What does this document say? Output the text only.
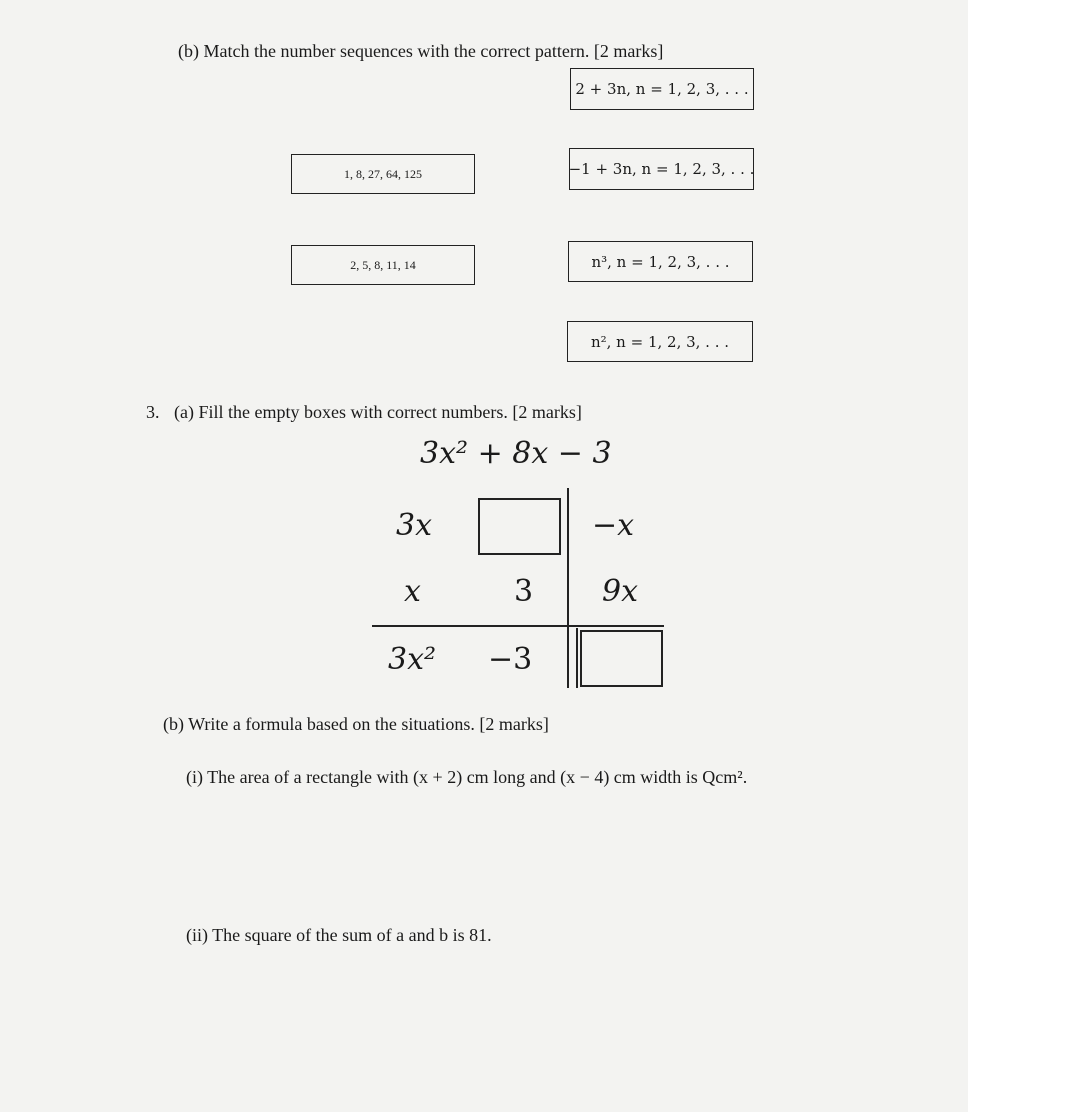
(b) Match the number sequences with the correct pattern. [2 marks]
1, 8, 27, 64, 125
2, 5, 8, 11, 14
2 + 3n, n = 1, 2, 3, . . .
−1 + 3n, n = 1, 2, 3, . . .
n³, n = 1, 2, 3, . . .
n², n = 1, 2, 3, . . .
3. (a) Fill the empty boxes with correct numbers. [2 marks]
3x² + 8x − 3
3x	−x
x	3 9x
3x² −3
(b) Write a formula based on the situations. [2 marks]
(i) The area of a rectangle with (x + 2) cm long and (x − 4) cm width is Qcm².
(ii) The square of the sum of a and b is 81.
